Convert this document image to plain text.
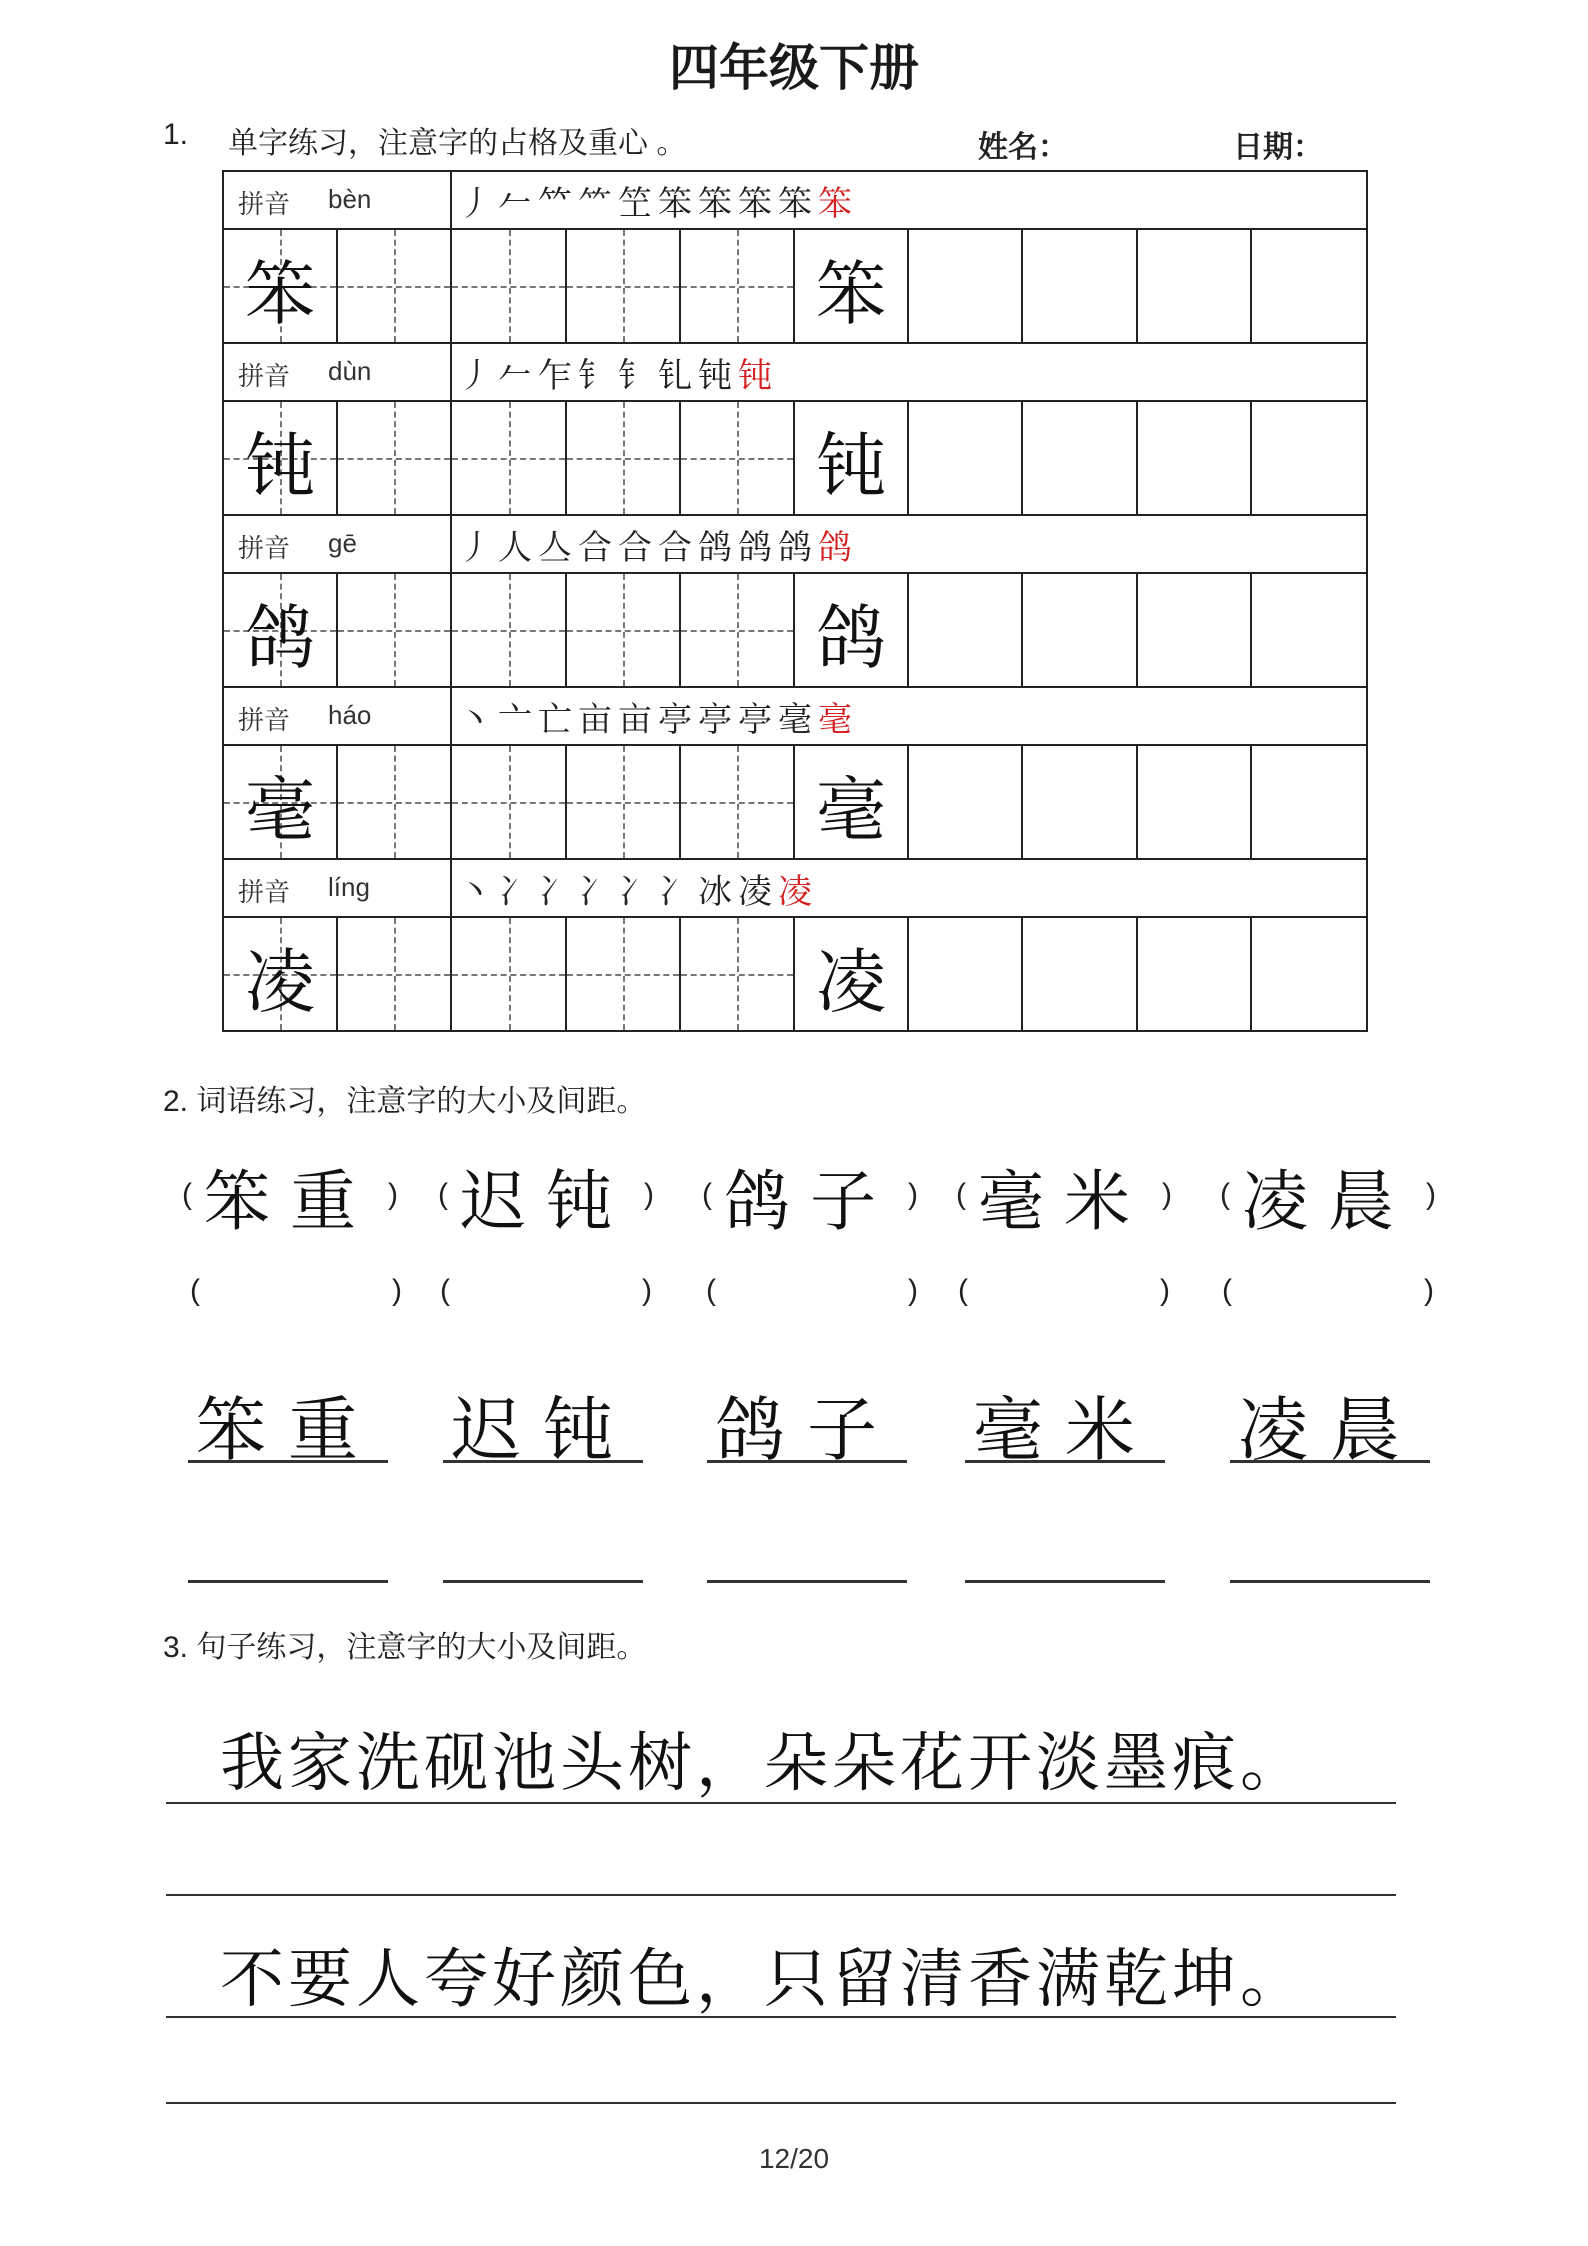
四年级下册
1. 单字练习，注意字的占格及重心 。	姓名：	日期：
拼音 bèn	丿𠂉𥫗⺮笁笨笨笨笨笨
笨	笨
拼音 dùn	丿𠂉乍钅钅钆钝钝
钝	钝
拼音 gē	丿人亼合合合鸽鸽鸽鸽
鸽	鸽
拼音 háo	丶亠亡亩亩亭亭亭毫毫
毫	毫
拼音 líng	丶冫冫冫冫冫冰凌凌
凌	凌
2. 词语练习，注意字的大小及间距。
( 笨重 ) ( 迟钝 ) ( 鸽子 ) ( 毫米 ) ( 凌晨 )
(	) (	) (	) (	) (	)
笨重 迟钝 鸽子 毫米 凌晨
3. 句子练习，注意字的大小及间距。
我家洗砚池头树，朵朵花开淡墨痕。
不要人夸好颜色，只留清香满乾坤。
12/20
